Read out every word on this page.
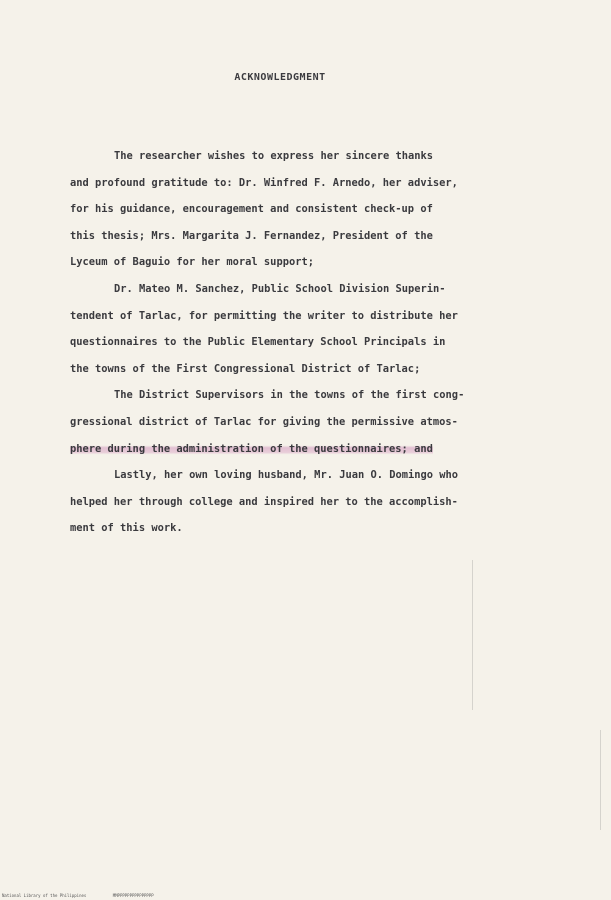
ACKNOWLEDGMENT
The researcher wishes to express her sincere thanks
and profound gratitude to: Dr. Winfred F. Arnedo, her adviser,
for his guidance, encouragement and consistent check-up of
this thesis; Mrs. Margarita J. Fernandez, President of the
Lyceum of Baguio for her moral support;
Dr. Mateo M. Sanchez, Public School Division Superin-
tendent of Tarlac, for permitting the writer to distribute her
questionnaires to the Public Elementary School Principals in
the towns of the First Congressional District of Tarlac;
The District Supervisors in the towns of the first cong-
gressional district of Tarlac for giving the permissive atmos-
phere during the administration of the questionnaires; and
Lastly, her own loving husband, Mr. Juan O. Domingo who
helped her through college and inspired her to the accomplish-
ment of this work.
National Library of the Philippines	MMPPPPPPPPPPPPPPP
